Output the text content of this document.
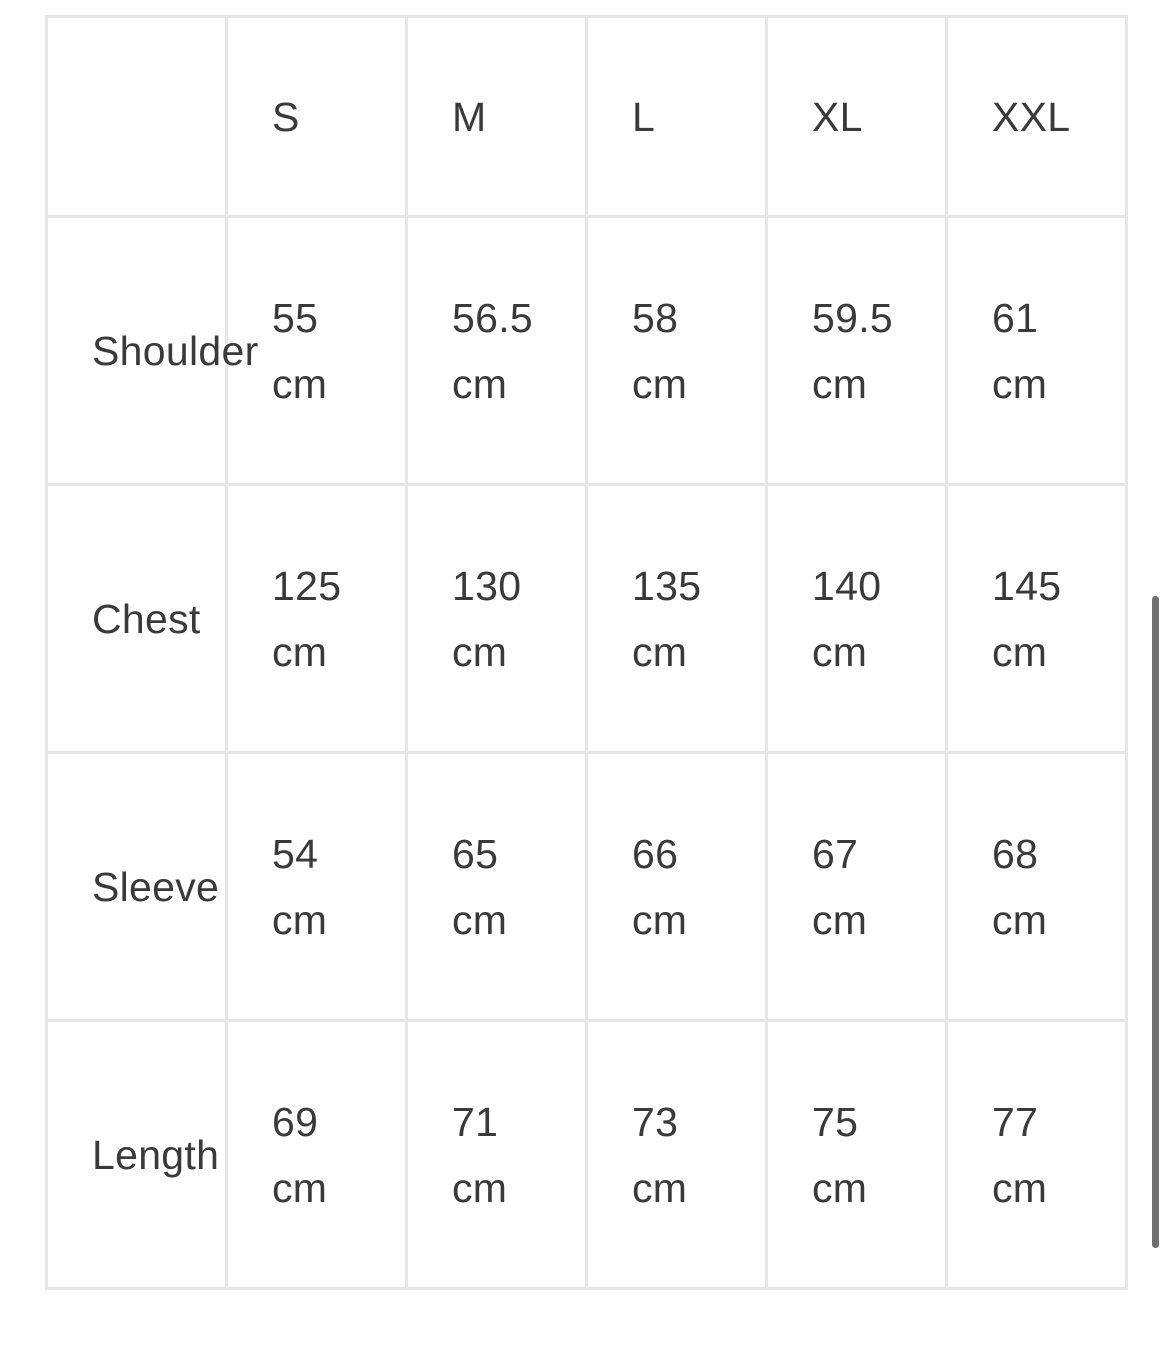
	S	M	L	XL	XXL
Shoulder	55 cm	56.5 cm	58 cm	59.5 cm	61 cm

Chest	125 cm	130 cm	135 cm	140 cm	145 cm

Sleeve	54 cm	65 cm	66 cm	67 cm	68 cm

Length	69 cm	71 cm	73 cm	75 cm	77 cm
